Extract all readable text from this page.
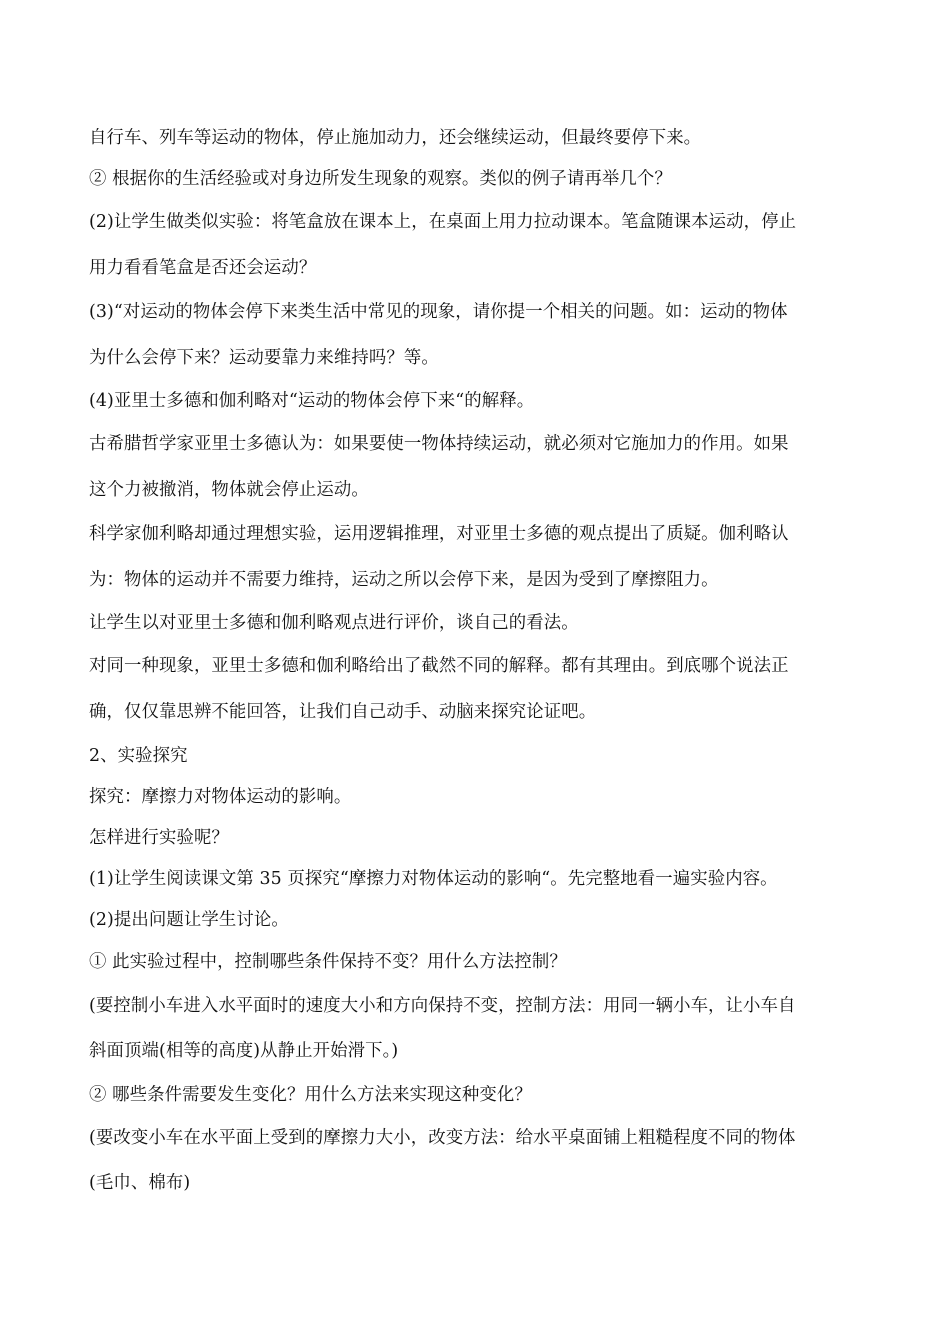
自行车、列车等运动的物体，停止施加动力，还会继续运动，但最终要停下来。
② 根据你的生活经验或对身边所发生现象的观察。类似的例子请再举几个？
(2)让学生做类似实验：将笔盒放在课本上，在桌面上用力拉动课本。笔盒随课本运动，停止
用力看看笔盒是否还会运动？
(3)“对运动的物体会停下来类生活中常见的现象，请你提一个相关的问题。如：运动的物体
为什么会停下来？运动要靠力来维持吗？等。
(4)亚里士多德和伽利略对“运动的物体会停下来“的解释。
古希腊哲学家亚里士多德认为：如果要使一物体持续运动，就必须对它施加力的作用。如果
这个力被撤消，物体就会停止运动。
科学家伽利略却通过理想实验，运用逻辑推理，对亚里士多德的观点提出了质疑。伽利略认
为：物体的运动并不需要力维持，运动之所以会停下来，是因为受到了摩擦阻力。
让学生以对亚里士多德和伽利略观点进行评价，谈自己的看法。
对同一种现象，亚里士多德和伽利略给出了截然不同的解释。都有其理由。到底哪个说法正
确，仅仅靠思辨不能回答，让我们自己动手、动脑来探究论证吧。
2、实验探究
探究：摩擦力对物体运动的影响。
怎样进行实验呢？
(1)让学生阅读课文第 35 页探究“摩擦力对物体运动的影响“。先完整地看一遍实验内容。
(2)提出问题让学生讨论。
① 此实验过程中，控制哪些条件保持不变？用什么方法控制？
(要控制小车进入水平面时的速度大小和方向保持不变，控制方法：用同一辆小车，让小车自
斜面顶端(相等的高度)从静止开始滑下。)
② 哪些条件需要发生变化？用什么方法来实现这种变化？
(要改变小车在水平面上受到的摩擦力大小，改变方法：给水平桌面铺上粗糙程度不同的物体
(毛巾、棉布)
